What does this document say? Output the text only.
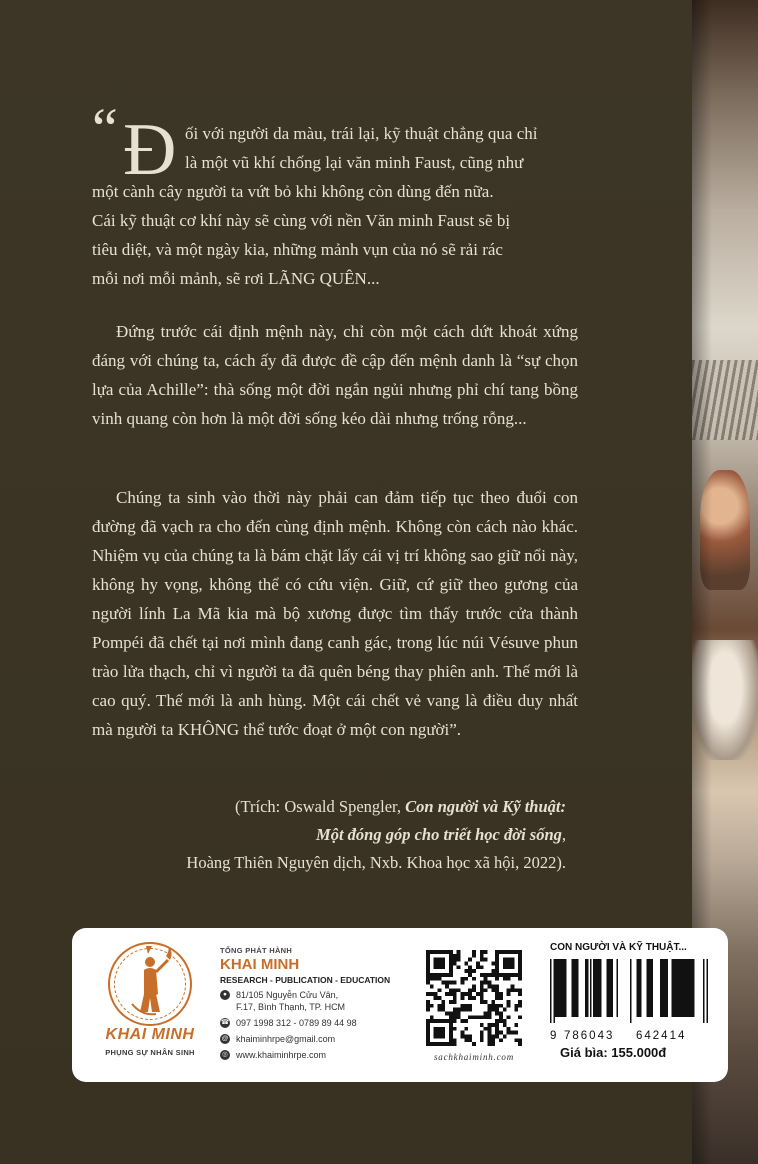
“ Đ ối với người da màu, trái lại, kỹ thuật chẳng qua chỉ

là một vũ khí chống lại văn minh Faust, cũng như

một cành cây người ta vứt bỏ khi không còn dùng đến nữa.

Cái kỹ thuật cơ khí này sẽ cùng với nền Văn minh Faust sẽ bị

tiêu diệt, và một ngày kia, những mảnh vụn của nó sẽ rải rác

mỗi nơi mỗi mảnh, sẽ rơi LÃNG QUÊN...

Đứng trước cái định mệnh này, chỉ còn một cách dứt khoát xứng đáng với chúng ta, cách ấy đã được đề cập đến mệnh danh là “sự chọn lựa của Achille”: thà sống một đời ngắn ngủi nhưng phỉ chí tang bồng vinh quang còn hơn là một đời sống kéo dài nhưng trống rỗng...

Chúng ta sinh vào thời này phải can đảm tiếp tục theo đuổi con đường đã vạch ra cho đến cùng định mệnh. Không còn cách nào khác. Nhiệm vụ của chúng ta là bám chặt lấy cái vị trí không sao giữ nổi này, không hy vọng, không thể có cứu viện. Giữ, cứ giữ theo gương của người lính La Mã kia mà bộ xương được tìm thấy trước cửa thành Pompéi đã chết tại nơi mình đang canh gác, trong lúc núi Vésuve phun trào lửa thạch, chỉ vì người ta đã quên béng thay phiên anh. Thế mới là cao quý. Thế mới là anh hùng. Một cái chết vẻ vang là điều duy nhất mà người ta KHÔNG thể tước đoạt ở một con người”.

(Trích: Oswald Spengler, Con người và Kỹ thuật:
Một đóng góp cho triết học đời sống,
Hoàng Thiên Nguyên dịch, Nxb. Khoa học xã hội, 2022).
KHAI MINH
PHỤNG SỰ NHÂN SINH
TỔNG PHÁT HÀNH
KHAI MINH
RESEARCH - PUBLICATION - EDUCATION
●	81/105 Nguyễn Cửu Vân,
F.17, Bình Thạnh, TP. HCM
☎ 097 1998 312 - 0789 89 44 98
@ khaiminhrpe@gmail.com
◎ www.khaiminhrpe.com	sachkhaiminh.com
CON NGƯỜI VÀ KỸ THUẬT...
9 786043	642414
Giá bìa: 155.000đ
